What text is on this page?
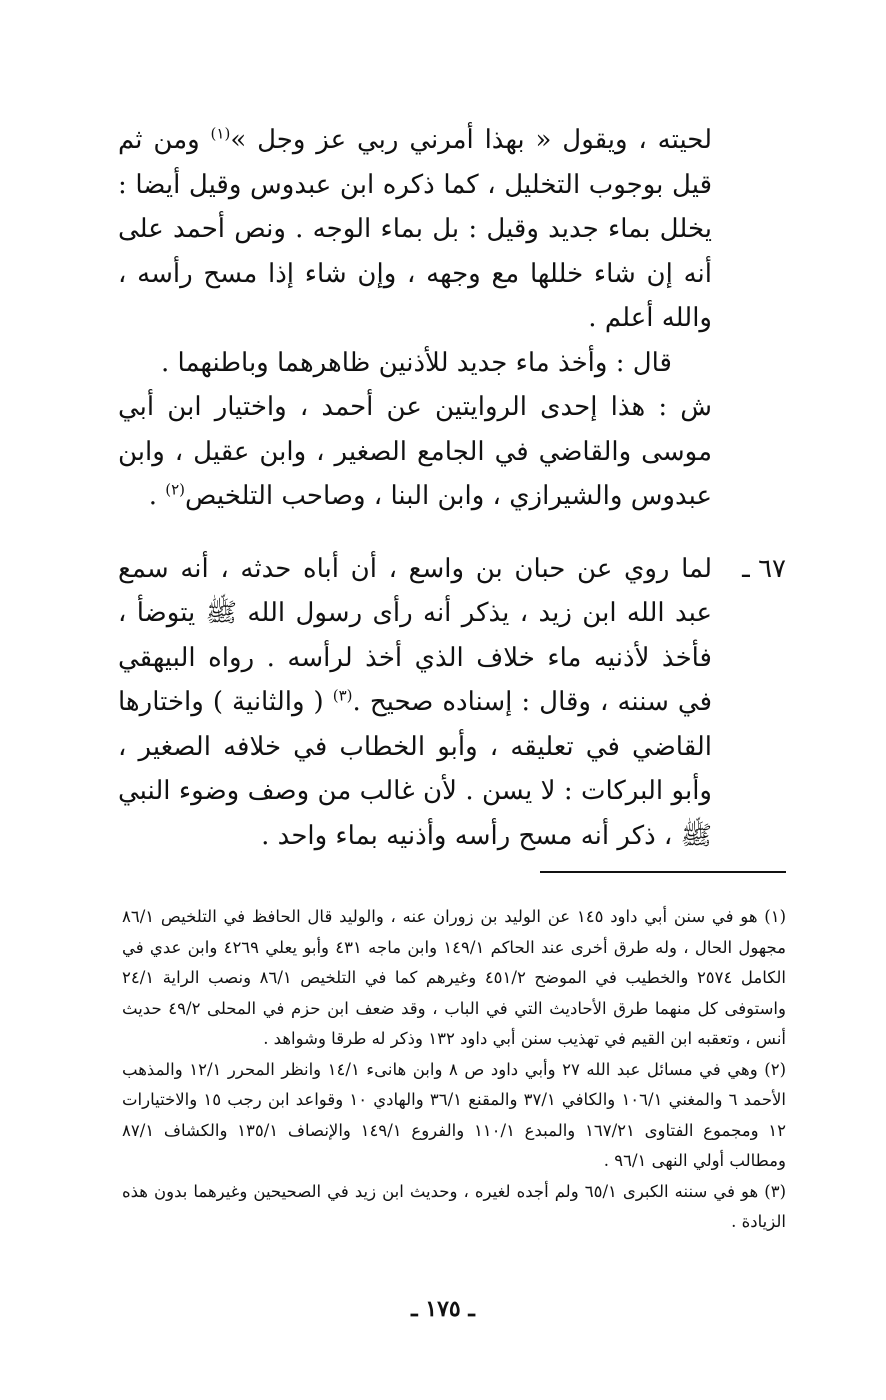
لحيته ، ويقول « بهذا أمرني ربي عز وجل »$^{(١)}$ ومن ثم قيل بوجوب التخليل ، كما ذكره ابن عبدوس وقيل أيضا : يخلل بماء جديد وقيل : بل بماء الوجه . ونص أحمد على أنه إن شاء خللها مع وجهه ، وإن شاء إذا مسح رأسه ، والله أعلم .

قال : وأخذ ماء جديد للأذنين ظاهرهما وباطنهما .

ش : هذا إحدى الروايتين عن أحمد ، واختيار ابن أبي موسى والقاضي في الجامع الصغير ، وابن عقيل ، وابن عبدوس والشيرازي ، وابن البنا ، وصاحب التلخيص$^{(٢)}$ .

٦٧ ـ

لما روي عن حبان بن واسع ، أن أباه حدثه ، أنه سمع عبد الله ابن زيد ، يذكر أنه رأى رسول الله ﷺ يتوضأ ، فأخذ لأذنيه ماء خلاف الذي أخذ لرأسه . رواه البيهقي في سننه ، وقال : إسناده صحيح .$^{(٣)}$ ( والثانية ) واختارها القاضي في تعليقه ، وأبو الخطاب في خلافه الصغير ، وأبو البركات : لا يسن . لأن غالب من وصف وضوء النبي ﷺ ، ذكر أنه مسح رأسه وأذنيه بماء واحد .

(١) هو في سنن أبي داود ١٤٥ عن الوليد بن زوران عنه ، والوليد قال الحافظ في التلخيص ٨٦/١ مجهول الحال ، وله طرق أخرى عند الحاكم ١٤٩/١ وابن ماجه ٤٣١ وأبو يعلي ٤٢٦٩ وابن عدي في الكامل ٢٥٧٤ والخطيب في الموضح ٤٥١/٢ وغيرهم كما في التلخيص ٨٦/١ ونصب الراية ٢٤/١ واستوفى كل منهما طرق الأحاديث التي في الباب ، وقد ضعف ابن حزم في المحلى ٤٩/٢ حديث أنس ، وتعقبه ابن القيم في تهذيب سنن أبي داود ١٣٢ وذكر له طرقا وشواهد .

(٢) وهي في مسائل عبد الله ٢٧ وأبي داود ص ٨ وابن هانىء ١٤/١ وانظر المحرر ١٢/١ والمذهب الأحمد ٦ والمغني ١٠٦/١ والكافي ٣٧/١ والمقنع ٣٦/١ والهادي ١٠ وقواعد ابن رجب ١٥ والاختيارات ١٢ ومجموع الفتاوى ١٦٧/٢١ والمبدع ١١٠/١ والفروع ١٤٩/١ والإنصاف ١٣٥/١ والكشاف ٨٧/١ ومطالب أولي النهى ٩٦/١ .

(٣) هو في سننه الكبرى ٦٥/١ ولم أجده لغيره ، وحديث ابن زيد في الصحيحين وغيرهما بدون هذه الزيادة .

ـ ١٧٥ ـ
